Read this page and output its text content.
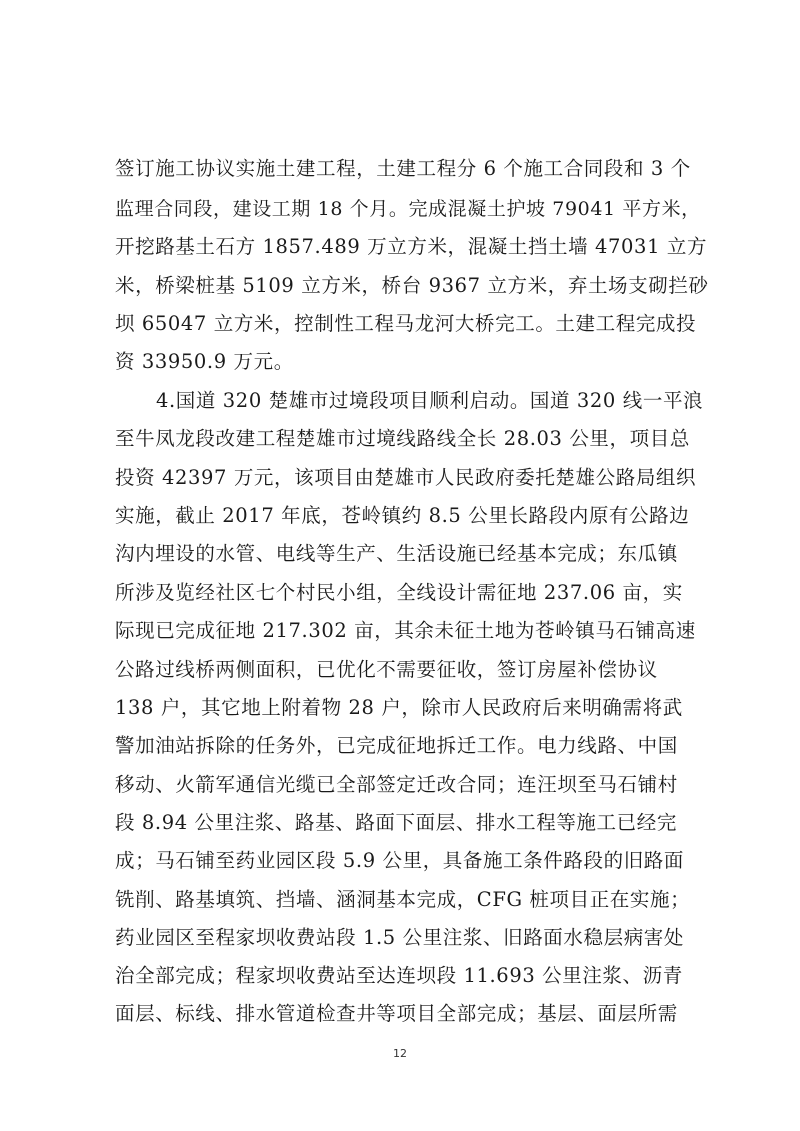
签订施工协议实施土建工程，土建工程分 6 个施工合同段和 3 个
监理合同段，建设工期 18 个月。完成混凝土护坡 79041 平方米，
开挖路基土石方 1857.489 万立方米，混凝土挡土墙 47031 立方
米，桥梁桩基 5109 立方米，桥台 9367 立方米，弃土场支砌拦砂
坝 65047 立方米，控制性工程马龙河大桥完工。土建工程完成投
资 33950.9 万元。
4.国道 320 楚雄市过境段项目顺利启动。国道 320 线一平浪
至牛凤龙段改建工程楚雄市过境线路线全长 28.03 公里，项目总
投资 42397 万元，该项目由楚雄市人民政府委托楚雄公路局组织
实施，截止 2017 年底，苍岭镇约 8.5 公里长路段内原有公路边
沟内埋设的水管、电线等生产、生活设施已经基本完成；东瓜镇
所涉及览经社区七个村民小组，全线设计需征地 237.06 亩，实
际现已完成征地 217.302 亩，其余未征土地为苍岭镇马石铺高速
公路过线桥两侧面积，已优化不需要征收，签订房屋补偿协议
138 户，其它地上附着物 28 户，除市人民政府后来明确需将武
警加油站拆除的任务外，已完成征地拆迁工作。电力线路、中国
移动、火箭军通信光缆已全部签定迁改合同；连汪坝至马石铺村
段 8.94 公里注浆、路基、路面下面层、排水工程等施工已经完
成；马石铺至药业园区段 5.9 公里，具备施工条件路段的旧路面
铣削、路基填筑、挡墙、涵洞基本完成，CFG 桩项目正在实施；
药业园区至程家坝收费站段 1.5 公里注浆、旧路面水稳层病害处
治全部完成；程家坝收费站至达连坝段 11.693 公里注浆、沥青
面层、标线、排水管道检查井等项目全部完成；基层、面层所需
12
